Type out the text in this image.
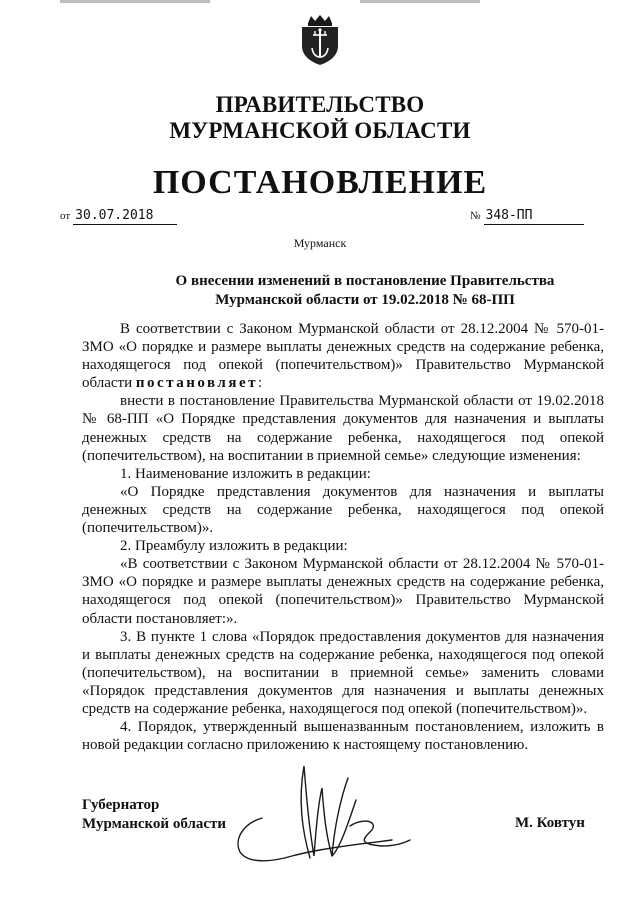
ПРАВИТЕЛЬСТВО
МУРМАНСКОЙ ОБЛАСТИ
ПОСТАНОВЛЕНИЕ
от 30.07.2018	№ 348-ПП
Мурманск
О внесении изменений в постановление Правительства
Мурманской области от 19.02.2018 № 68-ПП

В соответствии с Законом Мурманской области от 28.12.2004 № 570-01-ЗМО «О порядке и размере выплаты денежных средств на содержание ребенка, находящегося под опекой (попечительством)» Правительство Мурманской области постановляет:

внести в постановление Правительства Мурманской области от 19.02.2018 № 68-ПП «О Порядке представления документов для назначения и выплаты денежных средств на содержание ребенка, находящегося под опекой (попечительством), на воспитании в приемной семье» следующие изменения:

1. Наименование изложить в редакции:

«О Порядке представления документов для назначения и выплаты денежных средств на содержание ребенка, находящегося под опекой (попечительством)».

2. Преамбулу изложить в редакции:

«В соответствии с Законом Мурманской области от 28.12.2004 № 570-01-ЗМО «О порядке и размере выплаты денежных средств на содержание ребенка, находящегося под опекой (попечительством)» Правительство Мурманской области постановляет:».

3. В пункте 1 слова «Порядок предоставления документов для назначения и выплаты денежных средств на содержание ребенка, находящегося под опекой (попечительством), на воспитании в приемной семье» заменить словами «Порядок представления документов для назначения и выплаты денежных средств на содержание ребенка, находящегося под опекой (попечительством)».

4. Порядок, утвержденный вышеназванным постановлением, изложить в новой редакции согласно приложению к настоящему постановлению.

Губернатор
Мурманской области	М. Ковтун
